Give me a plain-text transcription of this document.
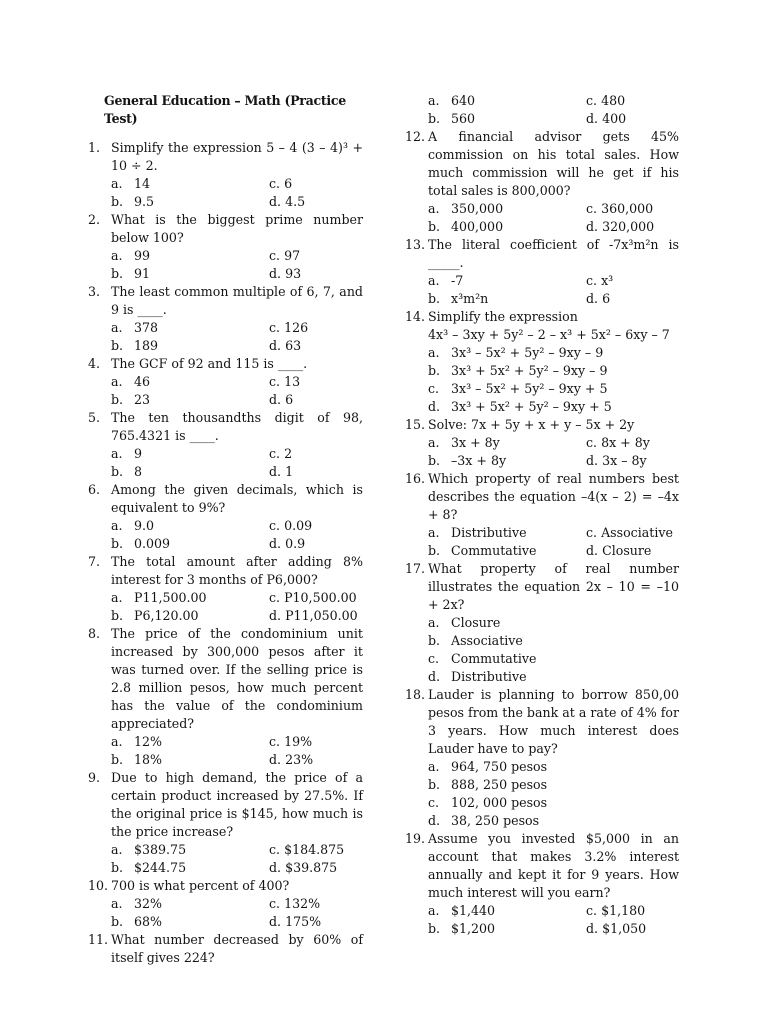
General Education – Math (Practice Test)
1. Simplify the expression 5 – 4 (3 – 4)³ + 10 ÷ 2.
a. 14	c. 6
b. 9.5	d. 4.5
2. What is the biggest prime number below 100?
a. 99	c. 97
b. 91	d. 93
3. The least common multiple of 6, 7, and 9 is ____.
a. 378	c. 126
b. 189	d. 63
4. The GCF of 92 and 115 is ____.
a. 46	c. 13
b. 23	d. 6
5. The ten thousandths digit of 98, 765.4321 is ____.
a. 9	c. 2
b. 8	d. 1
6. Among the given decimals, which is equivalent to 9%?
a. 9.0	c. 0.09
b. 0.009	d. 0.9
7. The total amount after adding 8% interest for 3 months of P6,000?
a. P11,500.00	c. P10,500.00
b. P6,120.00	d. P11,050.00
8. The price of the condominium unit increased by 300,000 pesos after it was turned over. If the selling price is 2.8 million pesos, how much percent has the value of the condominium appreciated?
a. 12%	c. 19%
b. 18%	d. 23%
9. Due to high demand, the price of a certain product increased by 27.5%. If the original price is $145, how much is the price increase?
a. $389.75	c. $184.875
b. $244.75	d. $39.875
10. 700 is what percent of 400?
a. 32%	c. 132%
b. 68%	d. 175%
11. What number decreased by 60% of itself gives 224?
a. 640	c. 480
b. 560	d. 400
12. A financial advisor gets 45% commission on his total sales. How much commission will he get if his total sales is 800,000?
a. 350,000	c. 360,000
b. 400,000	d. 320,000
13. The literal coefficient of -7x³m²n is _____.
a. -7	c. x³
b. x³m²n	d. 6
14. Simplify the expression
4x³ – 3xy + 5y² – 2 – x³ + 5x² – 6xy – 7
a. 3x³ – 5x² + 5y² – 9xy – 9
b. 3x³ + 5x² + 5y² – 9xy – 9
c. 3x³ – 5x² + 5y² – 9xy + 5
d. 3x³ + 5x² + 5y² – 9xy + 5
15. Solve: 7x + 5y + x + y – 5x + 2y
a. 3x + 8y	c. 8x + 8y
b. –3x + 8y	d. 3x – 8y
16. Which property of real numbers best describes the equation –4(x – 2) = –4x + 8?
a. Distributive	c. Associative
b. Commutative	d. Closure
17. What property of real number illustrates the equation 2x – 10 = –10 + 2x?
a. Closure
b. Associative
c. Commutative
d. Distributive
18. Lauder is planning to borrow 850,00 pesos from the bank at a rate of 4% for 3 years. How much interest does Lauder have to pay?
a. 964, 750 pesos
b. 888, 250 pesos
c. 102, 000 pesos
d. 38, 250 pesos
19. Assume you invested $5,000 in an account that makes 3.2% interest annually and kept it for 9 years. How much interest will you earn?
a. $1,440	c. $1,180
b. $1,200	d. $1,050
